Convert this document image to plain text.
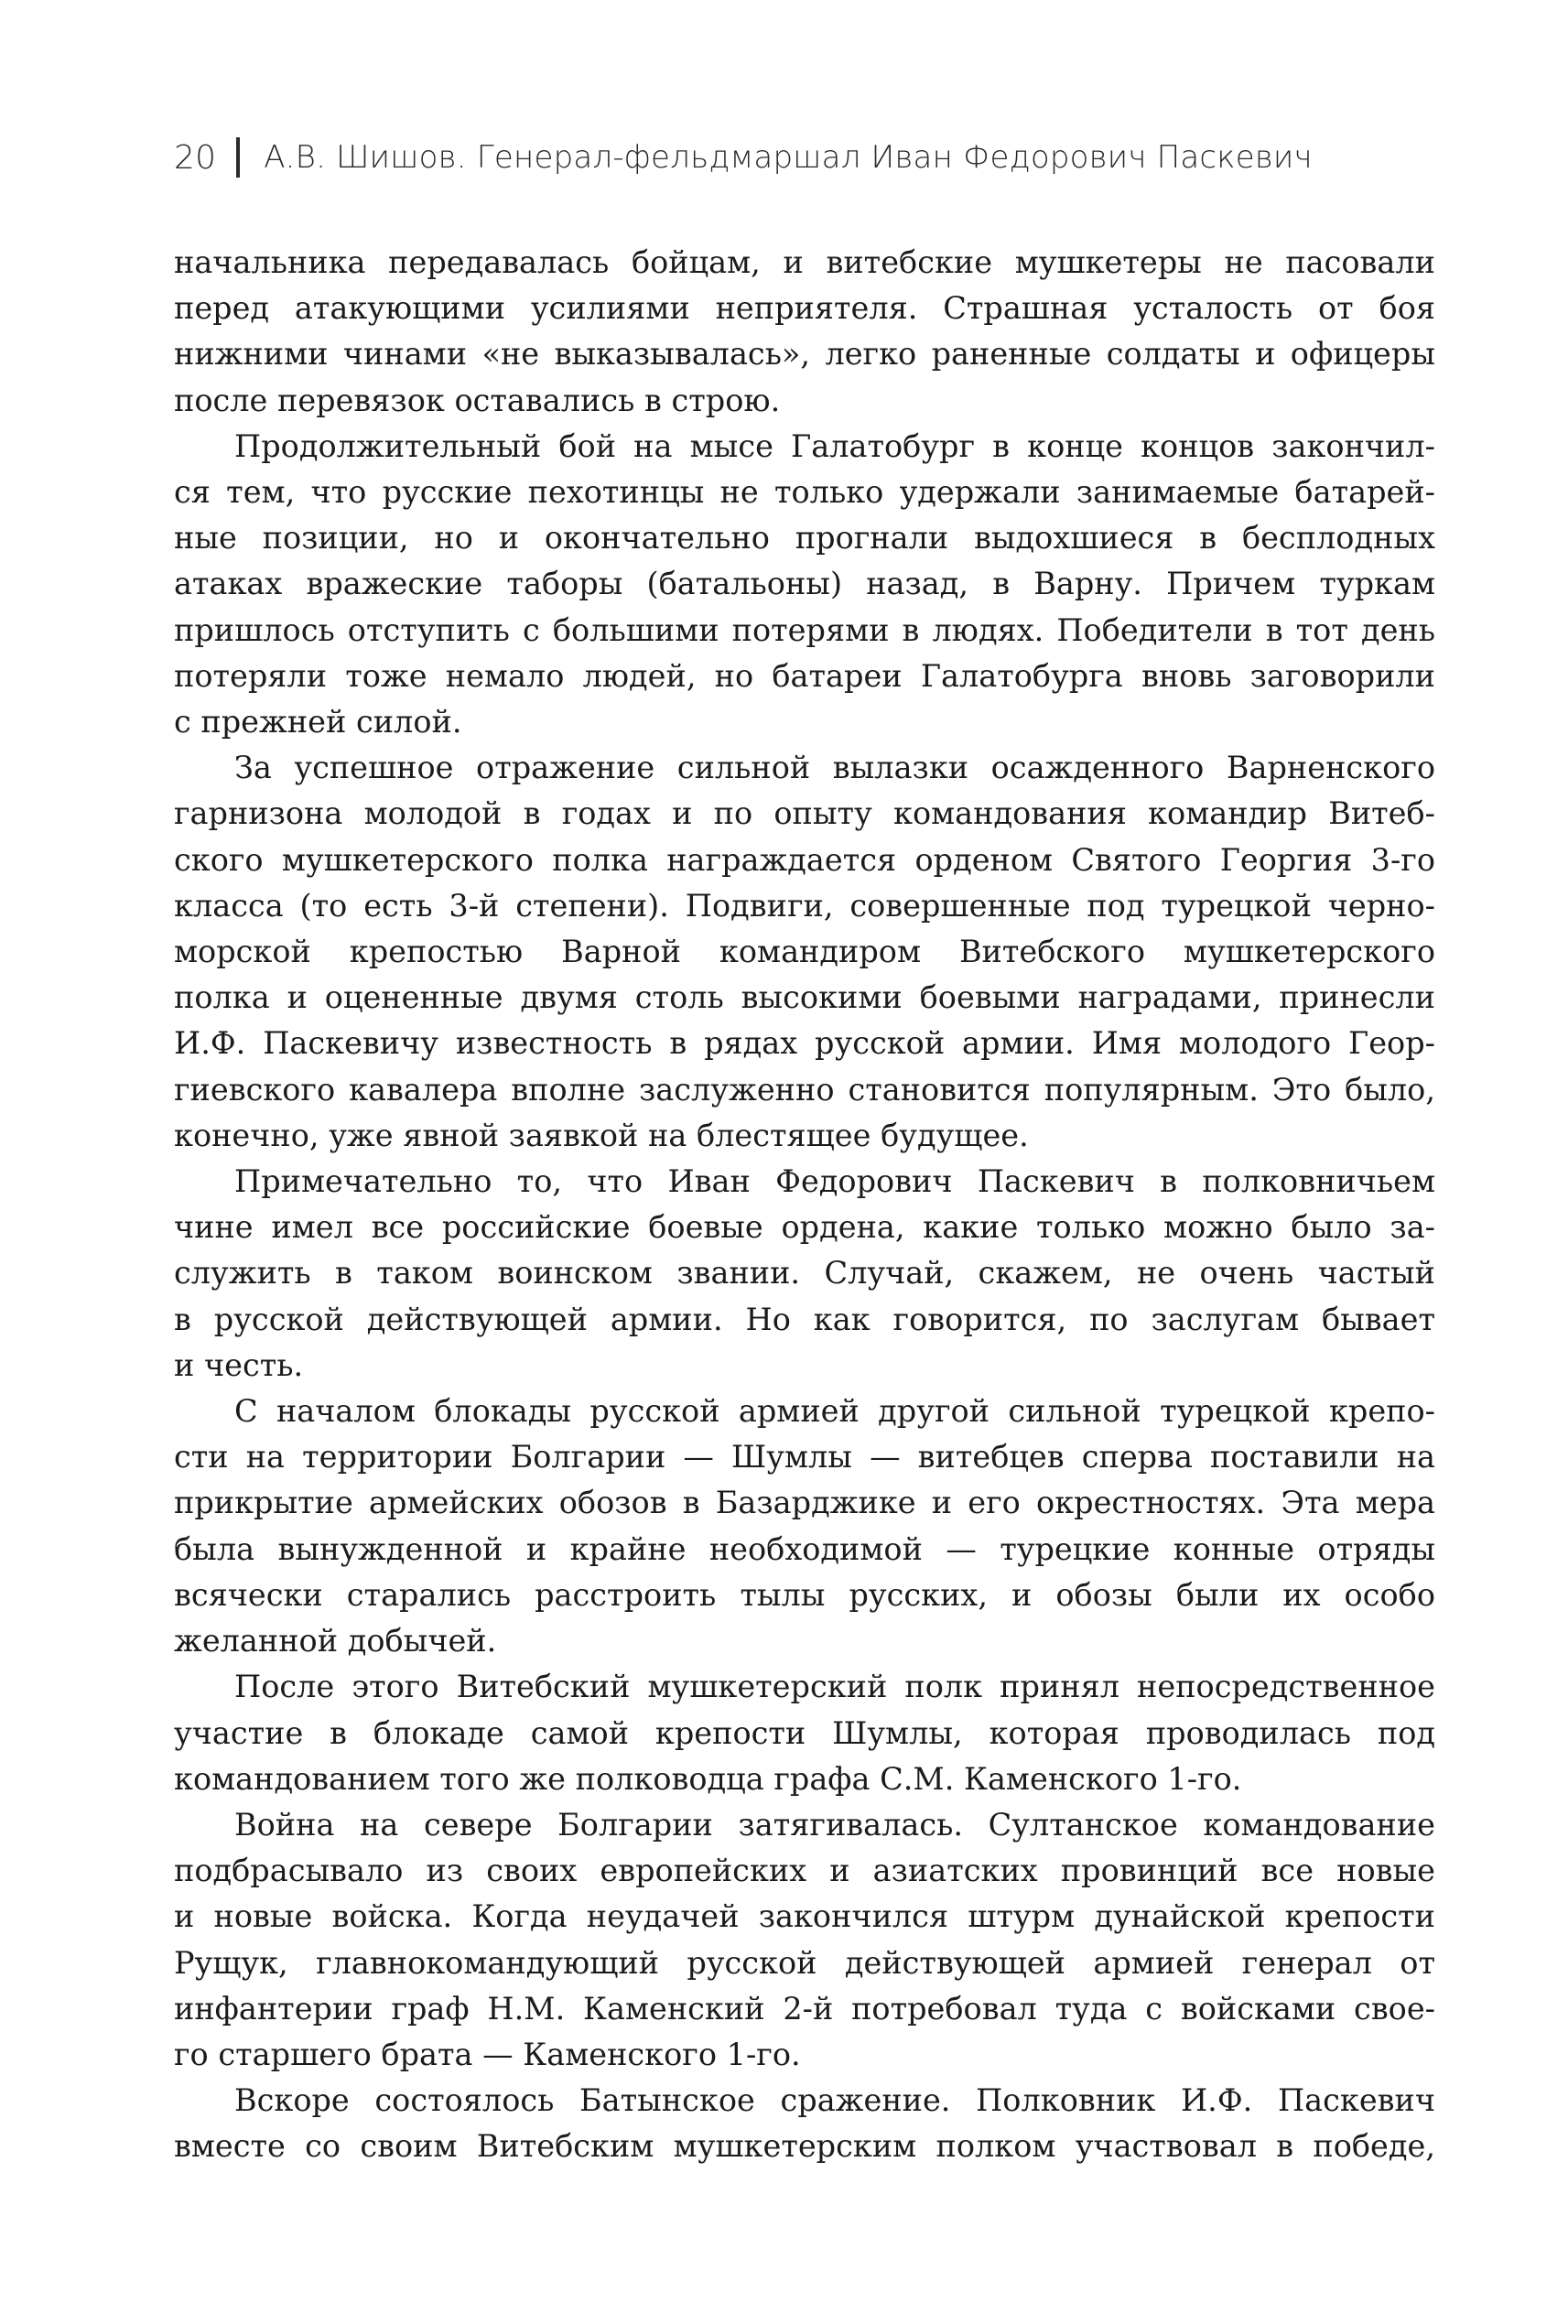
20 А.В. Шишов. Генерал-фельдмаршал Иван Федорович Паскевич
начальника передавалась бойцам, и витебские мушкетеры не пасовали
перед атакующими усилиями неприятеля. Страшная усталость от боя
нижними чинами «не выказывалась», легко раненные солдаты и офицеры
после перевязок оставались в строю.
Продолжительный бой на мысе Галатобург в конце концов закончил-
ся тем, что русские пехотинцы не только удержали занимаемые батарей-
ные позиции, но и окончательно прогнали выдохшиеся в бесплодных
атаках вражеские таборы (батальоны) назад, в Варну. Причем туркам
пришлось отступить с большими потерями в людях. Победители в тот день
потеряли тоже немало людей, но батареи Галатобурга вновь заговорили
с прежней силой.
За успешное отражение сильной вылазки осажденного Варненского
гарнизона молодой в годах и по опыту командования командир Витеб-
ского мушкетерского полка награждается орденом Святого Георгия 3-го
класса (то есть 3-й степени). Подвиги, совершенные под турецкой черно-
морской крепостью Варной командиром Витебского мушкетерского
полка и оцененные двумя столь высокими боевыми наградами, принесли
И.Ф. Паскевичу известность в рядах русской армии. Имя молодого Геор-
гиевского кавалера вполне заслуженно становится популярным. Это было,
конечно, уже явной заявкой на блестящее будущее.
Примечательно то, что Иван Федорович Паскевич в полковничьем
чине имел все российские боевые ордена, какие только можно было за-
служить в таком воинском звании. Случай, скажем, не очень частый
в русской действующей армии. Но как говорится, по заслугам бывает
и честь.
С началом блокады русской армией другой сильной турецкой крепо-
сти на территории Болгарии — Шумлы — витебцев сперва поставили на
прикрытие армейских обозов в Базарджике и его окрестностях. Эта мера
была вынужденной и крайне необходимой — турецкие конные отряды
всячески старались расстроить тылы русских, и обозы были их особо
желанной добычей.
После этого Витебский мушкетерский полк принял непосредственное
участие в блокаде самой крепости Шумлы, которая проводилась под
командованием того же полководца графа С.М. Каменского 1-го.
Война на севере Болгарии затягивалась. Султанское командование
подбрасывало из своих европейских и азиатских провинций все новые
и новые войска. Когда неудачей закончился штурм дунайской крепости
Рущук, главнокомандующий русской действующей армией генерал от
инфантерии граф Н.М. Каменский 2-й потребовал туда с войсками свое-
го старшего брата — Каменского 1-го.
Вскоре состоялось Батынское сражение. Полковник И.Ф. Паскевич
вместе со своим Витебским мушкетерским полком участвовал в победе,
